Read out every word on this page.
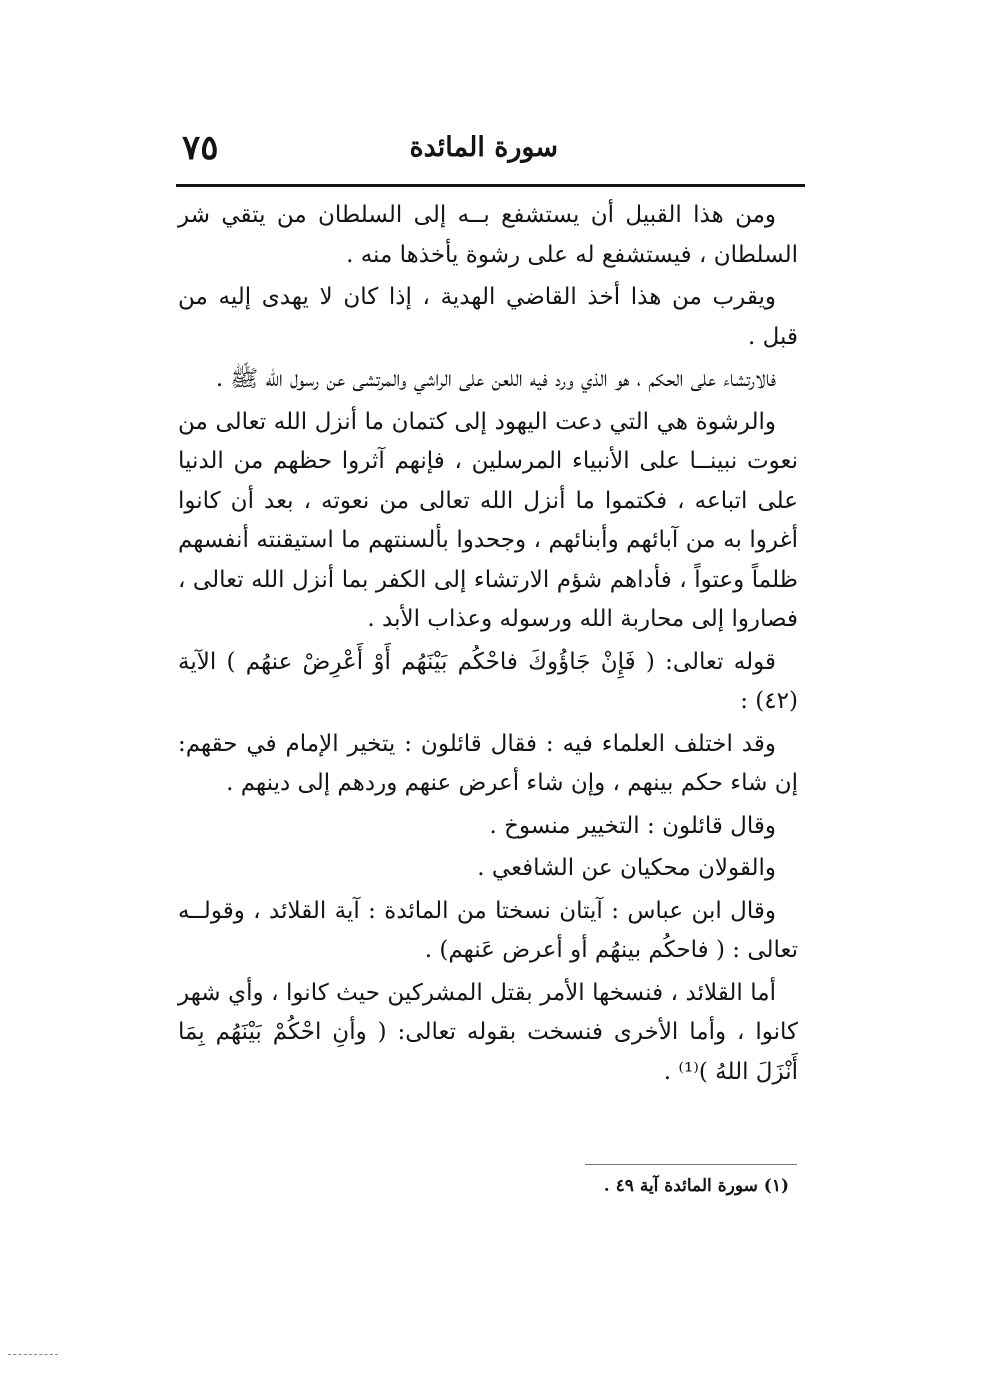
٧٥	سورة المائدة

ومن هذا القبيل أن يستشفع بــه إلى السلطان من يتقي شر السلطان ، فيستشفع له على رشوة يأخذها منه .

ويقرب من هذا أخذ القاضي الهدية ، إذا كان لا يهدى إليه من قبل .

فالارتشاء على الحكم ، هو الذي ورد فيه اللعن على الراشي والمرتشى عن رسول الله ﷺ .

والرشوة هي التي دعت اليهود إلى كتمان ما أنزل الله تعالى من نعوت نبينــا على الأنبياء المرسلين ، فإنهم آثروا حظهم من الدنيا على اتباعه ، فكتموا ما أنزل الله تعالى من نعوته ، بعد أن كانوا أغروا به من آبائهم وأبنائهم ، وجحدوا بألسنتهم ما استيقنته أنفسهم ظلماً وعتواً ، فأداهم شؤم الارتشاء إلى الكفر بما أنزل الله تعالى ، فصاروا إلى محاربة الله ورسوله وعذاب الأبد .

قوله تعالى: ( فَإِنْ جَاؤُوكَ فاحْكُم بَيْنَهُم أَوْ أَعْرِضْ عنهُم ) الآية (٤٢) :

وقد اختلف العلماء فيه : فقال قائلون : يتخير الإمام في حقهم: إن شاء حكم بينهم ، وإن شاء أعرض عنهم وردهم إلى دينهم .

وقال قائلون : التخيير منسوخ .

والقولان محكيان عن الشافعي .

وقال ابن عباس : آيتان نسختا من المائدة : آية القلائد ، وقولــه تعالى : ( فاحكُم بينهُم أو أعرض عَنهم) .

أما القلائد ، فنسخها الأمر بقتل المشركين حيث كانوا ، وأي شهر كانوا ، وأما الأخرى فنسخت بقوله تعالى: ( وأنِ احْكُمْ بَيْنَهُم بِمَا أَنْزَلَ اللهُ )⁽¹⁾ .

(١) سورة المائدة آية ٤٩ .
